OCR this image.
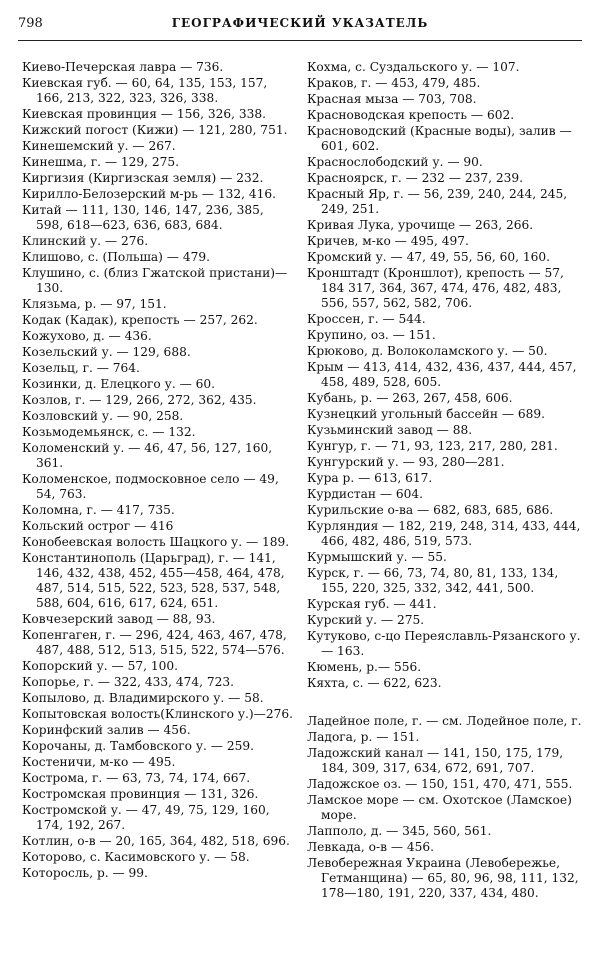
798	ГЕОГРАФИЧЕСКИЙ УКАЗАТЕЛЬ

Киево-Печерская лавра — 736.

Киевская губ. — 60, 64, 135, 153, 157, 166, 213, 322, 323, 326, 338.

Киевская провинция — 156, 326, 338.

Кижский погост (Кижи) — 121, 280, 751.

Кинешемский у. — 267.

Кинешма, г. — 129, 275.

Киргизия (Киргизская земля) — 232.

Кирилло-Белозерский м-рь — 132, 416.

Китай — 111, 130, 146, 147, 236, 385, 598, 618—623, 636, 683, 684.

Клинский у. — 276.

Клишово, с. (Польша) — 479.

Клушино, с. (близ Гжатской пристани)— 130.

Клязьма, р. — 97, 151.

Кодак (Кадак), крепость — 257, 262.

Кожухово, д. — 436.

Козельский у. — 129, 688.

Козельц, г. — 764.

Козинки, д. Елецкого у. — 60.

Козлов, г. — 129, 266, 272, 362, 435.

Козловский у. — 90, 258.

Козьмодемьянск, с. — 132.

Коломенский у. — 46, 47, 56, 127, 160, 361.

Коломенское, подмосковное село — 49, 54, 763.

Коломна, г. — 417, 735.

Кольский острог — 416

Конобеевская волость Шацкого у. — 189.

Константинополь (Царьград), г. — 141, 146, 432, 438, 452, 455—458, 464, 478, 487, 514, 515, 522, 523, 528, 537, 548, 588, 604, 616, 617, 624, 651.

Ковчезерский завод — 88, 93.

Копенгаген, г. — 296, 424, 463, 467, 478, 487, 488, 512, 513, 515, 522, 574—576.

Копорский у. — 57, 100.

Копорье, г. — 322, 433, 474, 723.

Копылово, д. Владимирского у. — 58.

Копытовская волость(Клинского у.)—276.

Коринфский залив — 456.

Корочаны, д. Тамбовского у. — 259.

Костеничи, м-ко — 495.

Кострома, г. — 63, 73, 74, 174, 667.

Костромская провинция — 131, 326.

Костромской у. — 47, 49, 75, 129, 160, 174, 192, 267.

Котлин, о-в — 20, 165, 364, 482, 518, 696.

Которово, с. Касимовского у. — 58.

Которосль, р. — 99.

Кохма, с. Суздальского у. — 107.

Краков, г. — 453, 479, 485.

Красная мыза — 703, 708.

Красноводская крепость — 602.

Красноводский (Красные воды), залив — 601, 602.

Краснослободский у. — 90.

Красноярск, г. — 232 — 237, 239.

Красный Яр, г. — 56, 239, 240, 244, 245, 249, 251.

Кривая Лука, урочище — 263, 266.

Кричев, м-ко — 495, 497.

Кромский у. — 47, 49, 55, 56, 60, 160.

Кронштадт (Кроншлот), крепость — 57, 184 317, 364, 367, 474, 476, 482, 483, 556, 557, 562, 582, 706.

Кроссен, г. — 544.

Крупино, оз. — 151.

Крюково, д. Волоколамского у. — 50.

Крым — 413, 414, 432, 436, 437, 444, 457, 458, 489, 528, 605.

Кубань, р. — 263, 267, 458, 606.

Кузнецкий угольный бассейн — 689.

Кузьминский завод — 88.

Кунгур, г. — 71, 93, 123, 217, 280, 281.

Кунгурский у. — 93, 280—281.

Кура р. — 613, 617.

Курдистан — 604.

Курильские о-ва — 682, 683, 685, 686.

Курляндия — 182, 219, 248, 314, 433, 444, 466, 482, 486, 519, 573.

Курмышский у. — 55.

Курск, г. — 66, 73, 74, 80, 81, 133, 134, 155, 220, 325, 332, 342, 441, 500.

Курская губ. — 441.

Курский у. — 275.

Кутуково, с-цо Переяславль-Рязанского у. — 163.

Кюмень, р.— 556.

Кяхта, с. — 622, 623.

Ладейное поле, г. — см. Лодейное поле, г.

Ладога, р. — 151.

Ладожский канал — 141, 150, 175, 179, 184, 309, 317, 634, 672, 691, 707.

Ладожское оз. — 150, 151, 470, 471, 555.

Ламское море — см. Охотское (Ламское) море.

Лапполо, д. — 345, 560, 561.

Левкада, о-в — 456.

Левобережная Украина (Левобережье, Гетманщина) — 65, 80, 96, 98, 111, 132, 178—180, 191, 220, 337, 434, 480.
